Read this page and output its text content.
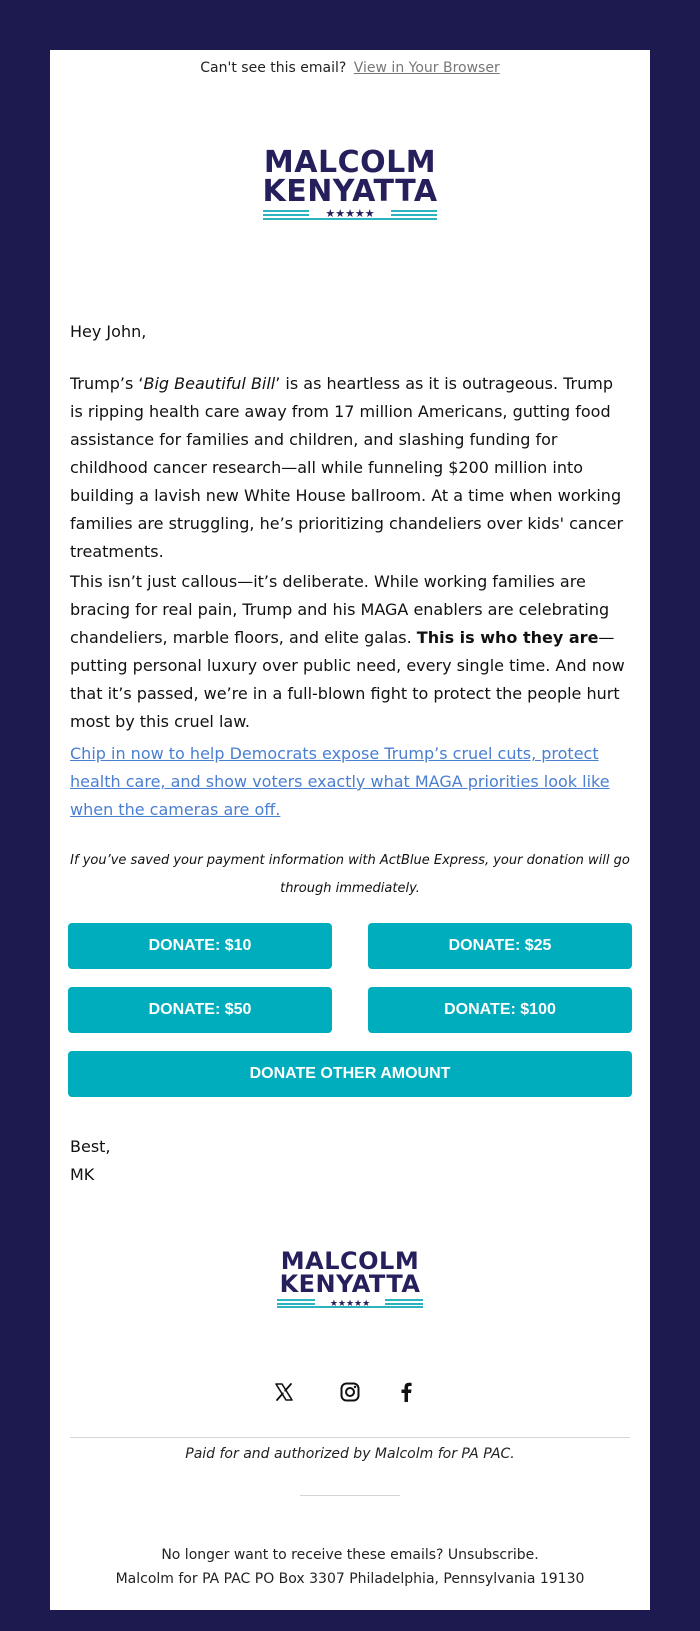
Can't see this email? View in Your Browser
MALCOLM
KENYATTA
★★★★★
Hey John,
Trump’s ‘Big Beautiful Bill’ is as heartless as it is outrageous. Trump is ripping health care away from 17 million Americans, gutting food assistance for families and children, and slashing funding for childhood cancer research—all while funneling $200 million into building a lavish new White House ballroom. At a time when working families are struggling, he’s prioritizing chandeliers over kids' cancer treatments.
This isn’t just callous—it’s deliberate. While working families are bracing for real pain, Trump and his MAGA enablers are celebrating chandeliers, marble floors, and elite galas. This is who they are—putting personal luxury over public need, every single time. And now that it’s passed, we’re in a full-blown fight to protect the people hurt most by this cruel law.
Chip in now to help Democrats expose Trump’s cruel cuts, protect health care, and show voters exactly what MAGA priorities look like when the cameras are off.
If you’ve saved your payment information with ActBlue Express, your donation will go through immediately.
DONATE: $10	DONATE: $25
DONATE: $50	DONATE: $100
DONATE OTHER AMOUNT
Best,
MK
MALCOLM
KENYATTA
★★★★★
Paid for and authorized by Malcolm for PA PAC.
No longer want to receive these emails? Unsubscribe.
Malcolm for PA PAC PO Box 3307 Philadelphia, Pennsylvania 19130
